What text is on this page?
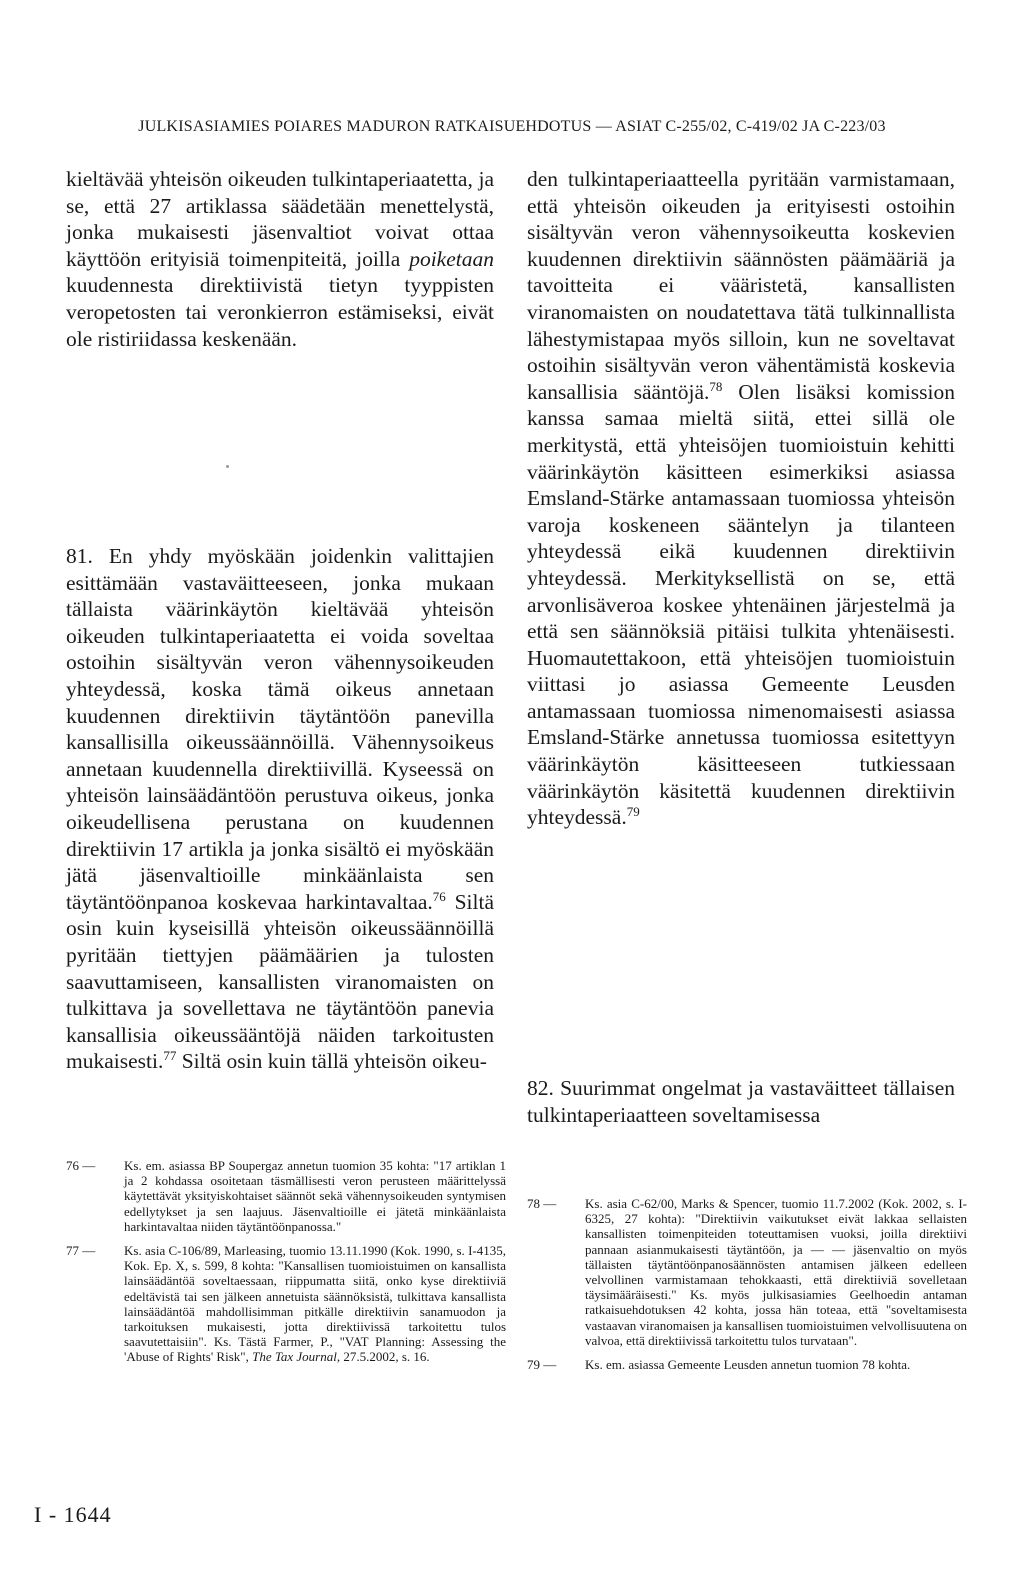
JULKISASIAMIES POIARES MADURON RATKAISUEHDOTUS — ASIAT C-255/02, C-419/02 JA C-223/03

kieltävää yhteisön oikeuden tulkintaperiaatetta, ja se, että 27 artiklassa säädetään menettelystä, jonka mukaisesti jäsenvaltiot voivat ottaa käyttöön erityisiä toimenpiteitä, joilla poiketaan kuudennesta direktiivistä tietyn tyyppisten veropetosten tai veronkierron estämiseksi, eivät ole ristiriidassa keskenään.

81. En yhdy myöskään joidenkin valittajien esittämään vastaväitteeseen, jonka mukaan tällaista väärinkäytön kieltävää yhteisön oikeuden tulkintaperiaatetta ei voida soveltaa ostoihin sisältyvän veron vähennysoikeuden yhteydessä, koska tämä oikeus annetaan kuudennen direktiivin täytäntöön panevilla kansallisilla oikeussäännöillä. Vähennysoikeus annetaan kuudennella direktiivillä. Kyseessä on yhteisön lainsäädäntöön perustuva oikeus, jonka oikeudellisena perustana on kuudennen direktiivin 17 artikla ja jonka sisältö ei myöskään jätä jäsenvaltioille minkäänlaista sen täytäntöönpanoa koskevaa harkintavaltaa.$^{76}$ Siltä osin kuin kyseisillä yhteisön oikeussäännöillä pyritään tiettyjen päämäärien ja tulosten saavuttamiseen, kansallisten viranomaisten on tulkittava ja sovellettava ne täytäntöön panevia kansallisia oikeussääntöjä näiden tarkoitusten mukaisesti.$^{77}$ Siltä osin kuin tällä yhteisön oikeu-

den tulkintaperiaatteella pyritään varmistamaan, että yhteisön oikeuden ja erityisesti ostoihin sisältyvän veron vähennysoikeutta koskevien kuudennen direktiivin säännösten päämääriä ja tavoitteita ei vääristetä, kansallisten viranomaisten on noudatettava tätä tulkinnallista lähestymistapaa myös silloin, kun ne soveltavat ostoihin sisältyvän veron vähentämistä koskevia kansallisia sääntöjä.$^{78}$ Olen lisäksi komission kanssa samaa mieltä siitä, ettei sillä ole merkitystä, että yhteisöjen tuomioistuin kehitti väärinkäytön käsitteen esimerkiksi asiassa Emsland-Stärke antamassaan tuomiossa yhteisön varoja koskeneen sääntelyn ja tilanteen yhteydessä eikä kuudennen direktiivin yhteydessä. Merkityksellistä on se, että arvonlisäveroa koskee yhtenäinen järjestelmä ja että sen säännöksiä pitäisi tulkita yhtenäisesti. Huomautettakoon, että yhteisöjen tuomioistuin viittasi jo asiassa Gemeente Leusden antamassaan tuomiossa nimenomaisesti asiassa Emsland-Stärke annetussa tuomiossa esitettyyn väärinkäytön käsitteeseen tutkiessaan väärinkäytön käsitettä kuudennen direktiivin yhteydessä.$^{79}$

82. Suurimmat ongelmat ja vastaväitteet tällaisen tulkintaperiaatteen soveltamisessa

76 —	Ks. em. asiassa BP Soupergaz annetun tuomion 35 kohta: "17 artiklan 1 ja 2 kohdassa osoitetaan täsmällisesti veron perusteen määrittelyssä käytettävät yksityiskohtaiset säännöt sekä vähennysoikeuden syntymisen edellytykset ja sen laajuus. Jäsenvaltioille ei jätetä minkäänlaista harkintavaltaa niiden täytäntöönpanossa."
77 —	Ks. asia C-106/89, Marleasing, tuomio 13.11.1990 (Kok. 1990, s. I-4135, Kok. Ep. X, s. 599, 8 kohta: "Kansallisen tuomioistuimen on kansallista lainsäädäntöä soveltaessaan, riippumatta siitä, onko kyse direktiiviä edeltävistä tai sen jälkeen annetuista säännöksistä, tulkittava kansallista lainsäädäntöä mahdollisimman pitkälle direktiivin sanamuodon ja tarkoituksen mukaisesti, jotta direktiivissä tarkoitettu tulos saavutettaisiin". Ks. Tästä Farmer, P., "VAT Planning: Assessing the 'Abuse of Rights' Risk", The Tax Journal, 27.5.2002, s. 16.
78 —	Ks. asia C-62/00, Marks & Spencer, tuomio 11.7.2002 (Kok. 2002, s. I-6325, 27 kohta): "Direktiivin vaikutukset eivät lakkaa sellaisten kansallisten toimenpiteiden toteuttamisen vuoksi, joilla direktiivi pannaan asianmukaisesti täytäntöön, ja — — jäsenvaltio on myös tällaisten täytäntöönpanosäännösten antamisen jälkeen edelleen velvollinen varmistamaan tehokkaasti, että direktiiviä sovelletaan täysimääräisesti." Ks. myös julkisasiamies Geelhoedin antaman ratkaisuehdotuksen 42 kohta, jossa hän toteaa, että "soveltamisesta vastaavan viranomaisen ja kansallisen tuomioistuimen velvollisuutena on valvoa, että direktiivissä tarkoitettu tulos turvataan".
79 —	Ks. em. asiassa Gemeente Leusden annetun tuomion 78 kohta.
I - 1644
